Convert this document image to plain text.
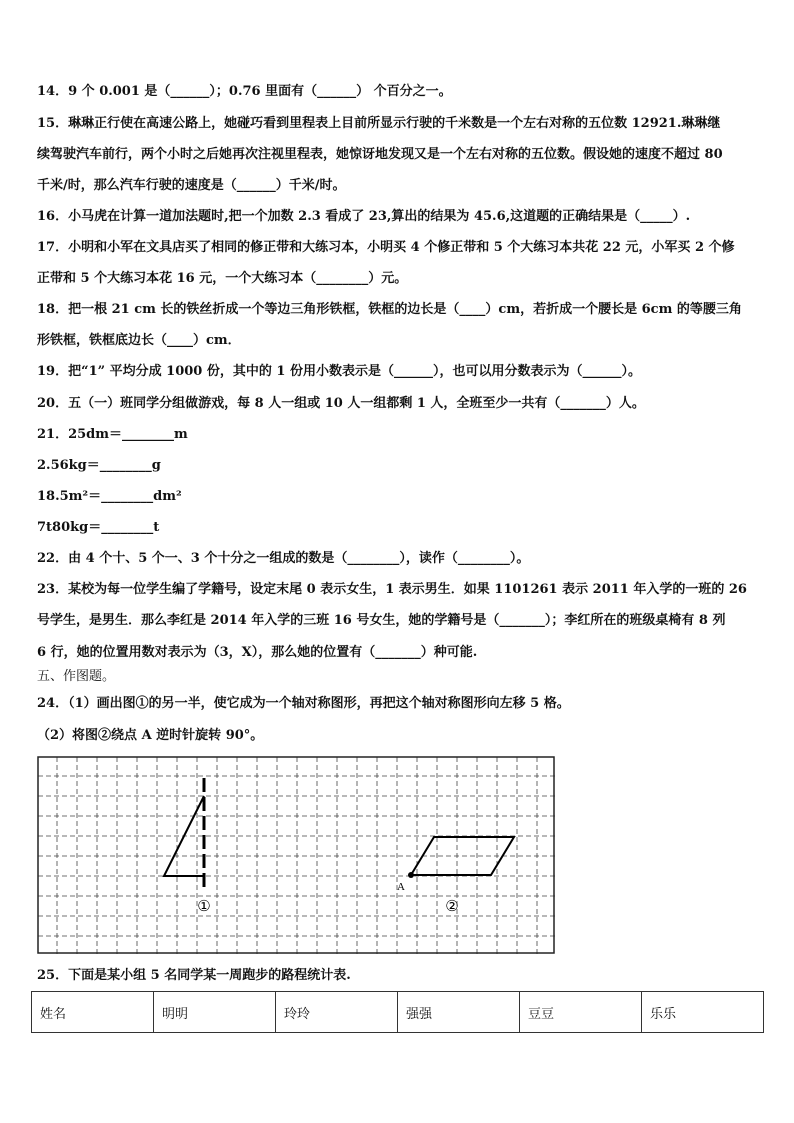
14．9 个 0.001 是（______）；0.76 里面有（______） 个百分之一。
15．琳琳正行使在高速公路上，她碰巧看到里程表上目前所显示行驶的千米数是一个左右对称的五位数 12921.琳琳继
续驾驶汽车前行，两个小时之后她再次注视里程表，她惊讶地发现又是一个左右对称的五位数。假设她的速度不超过 80
千米/时，那么汽车行驶的速度是（______）千米/时。
16．小马虎在计算一道加法题时,把一个加数 2.3 看成了 23,算出的结果为 45.6,这道题的正确结果是（_____）.
17．小明和小军在文具店买了相同的修正带和大练习本，小明买 4 个修正带和 5 个大练习本共花 22 元，小军买 2 个修
正带和 5 个大练习本花 16 元，一个大练习本（________）元。
18．把一根 21 cm 长的铁丝折成一个等边三角形铁框，铁框的边长是（____）cm，若折成一个腰长是 6cm 的等腰三角
形铁框，铁框底边长（____）cm．
19．把“1” 平均分成 1000 份，其中的 1 份用小数表示是（______），也可以用分数表示为（______）。
20．五（一）班同学分组做游戏，每 8 人一组或 10 人一组都剩 1 人，全班至少一共有（_______）人。
21．25dm＝________m
2.56kg＝________g
18.5m²＝________dm²
7t80kg＝________t
22．由 4 个十、5 个一、3 个十分之一组成的数是（________），读作（________）。
23．某校为每一位学生编了学籍号，设定末尾 0 表示女生，1 表示男生．如果 1101261 表示 2011 年入学的一班的 26
号学生，是男生．那么李红是 2014 年入学的三班 16 号女生，她的学籍号是（_______）；李红所在的班级桌椅有 8 列
6 行，她的位置用数对表示为（3，X），那么她的位置有（_______）种可能.
五、作图题。
24．（1）画出图①的另一半，使它成为一个轴对称图形，再把这个轴对称图形向左移 5 格。
（2）将图②绕点 A 逆时针旋转 90°。
A
①	②
25．下面是某小组 5 名同学某一周跑步的路程统计表.
姓名	明明	玲玲	强强	豆豆	乐乐
